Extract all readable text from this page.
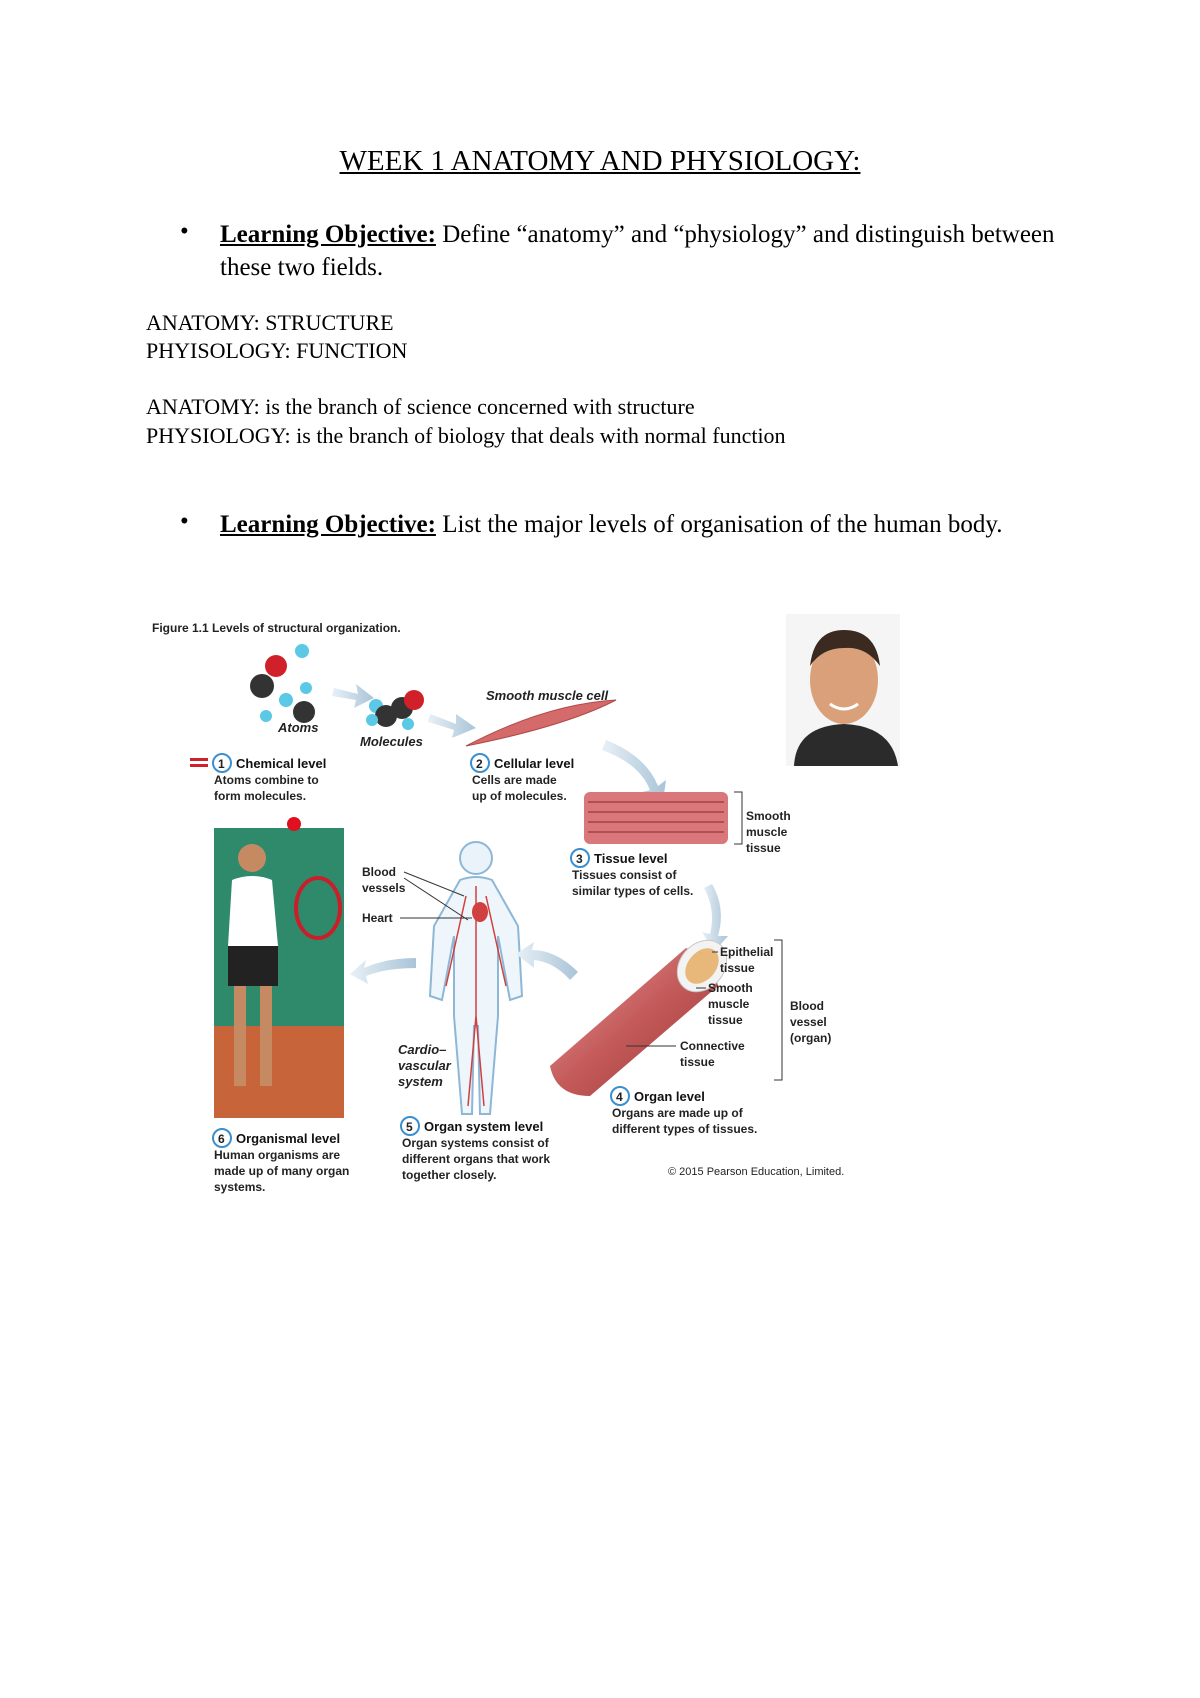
WEEK 1 ANATOMY AND PHYSIOLOGY:
• Learning Objective: Define “anatomy” and “physiology” and distinguish between these two fields.
ANATOMY: STRUCTURE
PHYISOLOGY: FUNCTION
ANATOMY: is the branch of science concerned with structure
PHYSIOLOGY: is the branch of biology that deals with normal function
• Learning Objective: List the major levels of organisation of the human body.
Figure 1.1 Levels of structural organization.
Atoms
Molecules
1 Chemical level
Atoms combine to
form molecules.
Smooth muscle cell
2 Cellular level
Cells are made
up of molecules.
Smooth
muscle
tissue
3 Tissue level
Tissues consist of
similar types of cells.
6 Organismal level
Human organisms are
made up of many organ
systems.
Blood
vessels
Heart
Cardio–
vascular
system
5 Organ system level
Organ systems consist of
different organs that work
together closely.
Epithelial
tissue
Smooth
muscle
tissue
Connective
tissue
Blood
vessel
(organ)
4 Organ level
Organs are made up of
different types of tissues.
© 2015 Pearson Education, Limited.
